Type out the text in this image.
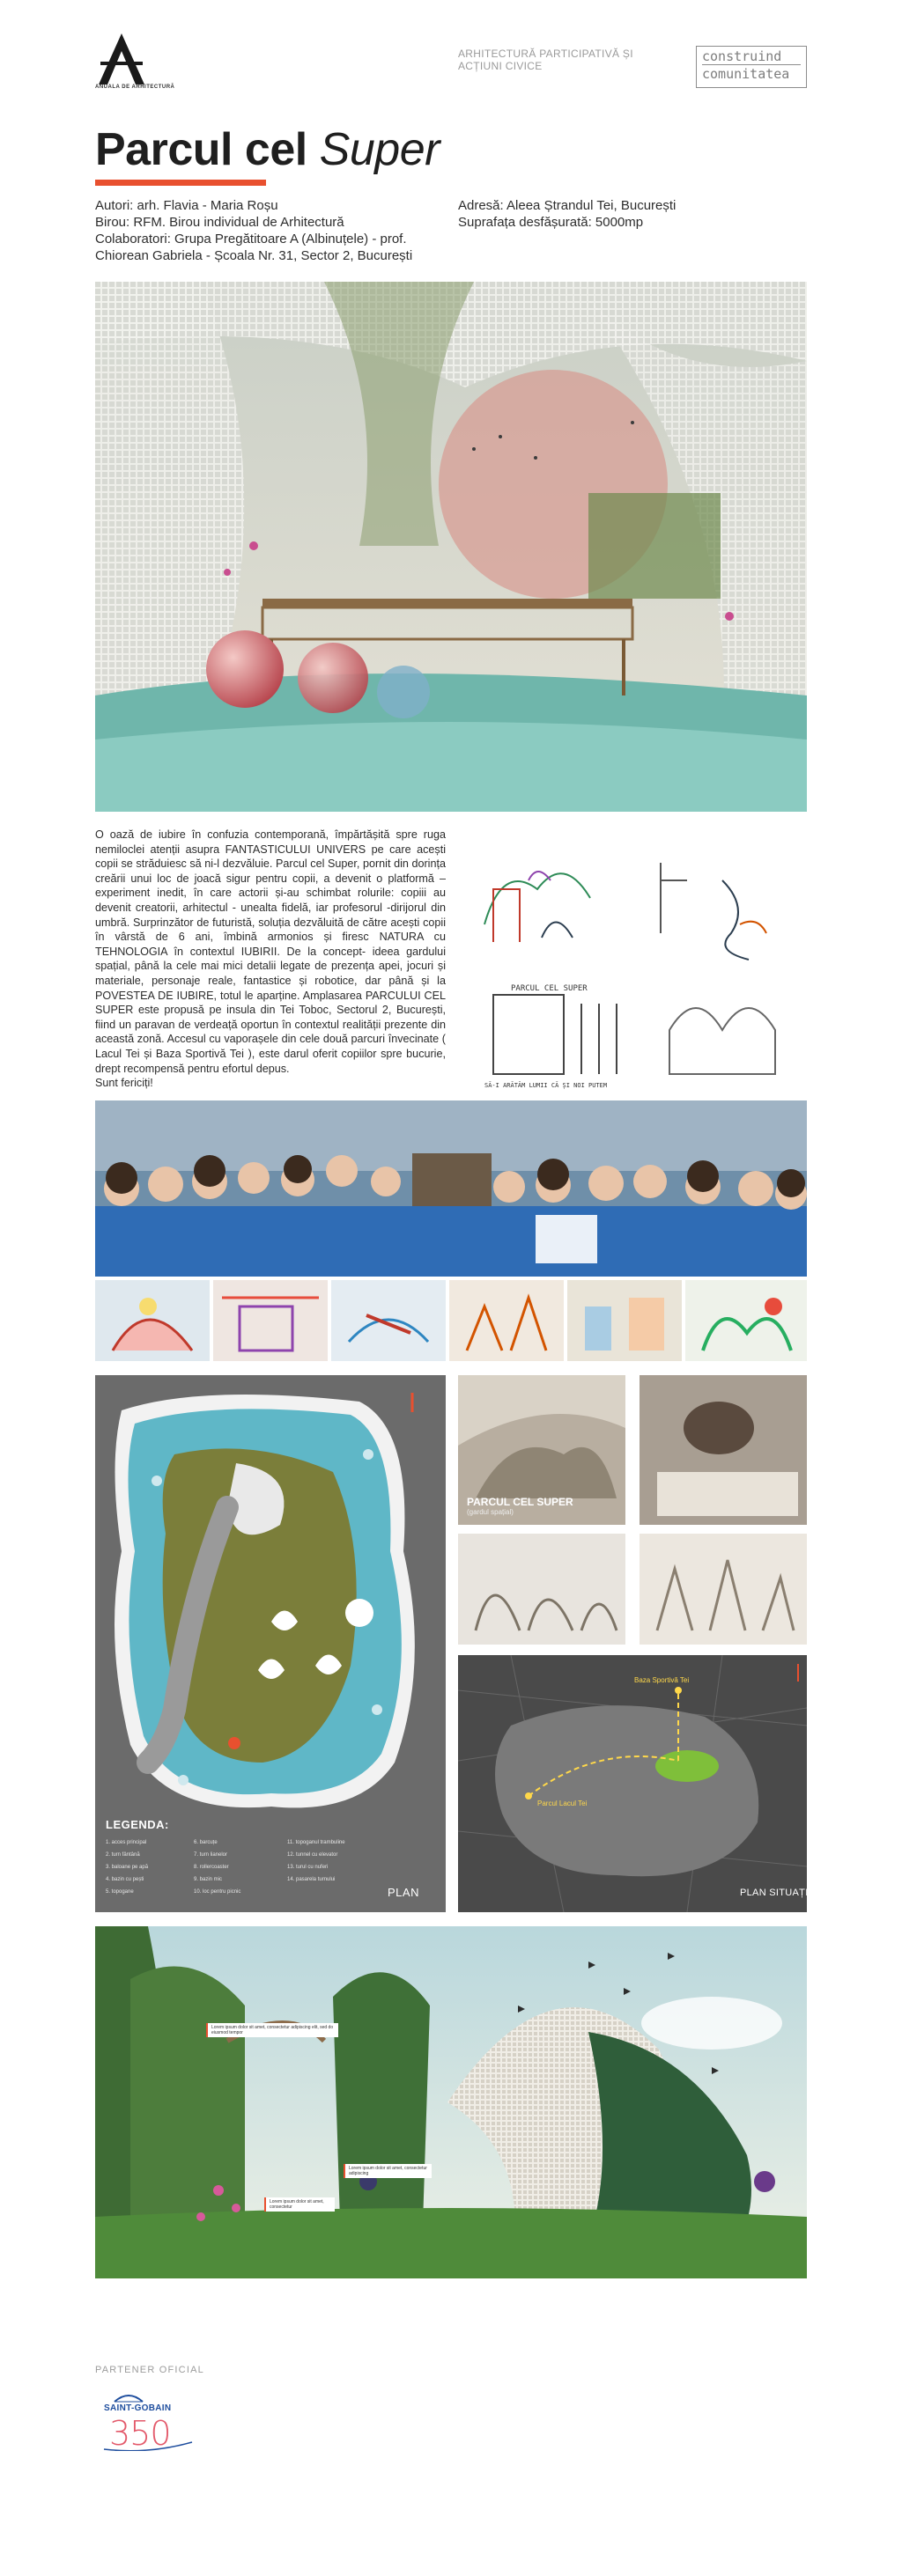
ANUALA DE ARHITECTURĂ
ARHITECTURĂ PARTICIPATIVĂ ȘI
ACȚIUNI CIVICE
construind
comunitatea
Parcul cel Super
Autori: arh. Flavia - Maria Roșu
Birou: RFM. Birou individual de Arhitectură
Colaboratori: Grupa Pregătitoare A (Albinuțele) - prof.
Chiorean Gabriela - Școala Nr. 31, Sector 2, București
Adresă: Aleea Ștrandul Tei, București
Suprafața desfășurată: 5000mp

O oază de iubire în confuzia contemporană, împărtășită spre ruga nemiloclei atenții asupra FANTASTICULUI UNIVERS pe care acești copii se străduiesc să ni-l dezvăluie. Parcul cel Super, pornit din dorința creării unui loc de joacă sigur pentru copii, a devenit o platformă – experiment inedit, în care actorii și-au schimbat rolurile: copiii au devenit creatorii, arhitectul - unealta fidelă, iar profesorul -dirijorul din umbră. Surprinzător de futuristă, soluția dezvăluită de către acești copii în vârstă de 6 ani, îmbină armonios și firesc NATURA cu TEHNOLOGIA în contextul IUBIRII. De la concept- ideea gardului spațial, până la cele mai mici detalii legate de prezența apei, jocuri și materiale, personaje reale, fantastice și robotice, dar până și la POVESTEA DE IUBIRE, totul le aparține. Amplasarea PARCULUI CEL SUPER este propusă pe insula din Tei Toboc, Sectorul 2, București, fiind un paravan de verdeață oportun în contextul realității prezente din această zonă. Accesul cu vaporașele din cele două parcuri învecinate ( Lacul Tei și Baza Sportivă Tei ), este darul oferit copiilor spre bucurie, drept recompensă pentru efortul depus.

Sunt fericiți!

PARCUL CEL SUPER
SĂ-I ARĂTĂM LUMII CĂ ȘI NOI PUTEM
LEGENDA:
1. acces principal
2. turn fântână
3. baloane pe apă
4. bazin cu pești
5. topogane
6. barcuțe
7. turn lianelor
8. rollercoaster
9. bazin mic
10. loc pentru picnic
11. topoganul trambuline
12. tunnel cu elevator
13. turul cu nuferi
14. pasarela turnului
PLAN
PARCUL CEL SUPER
(gardul spațial)
Baza Sportivă Tei
Parcul Lacul Tei
PLAN SITUAȚIE
Lorem ipsum dolor sit amet, consectetur adipiscing elit, sed do eiusmod tempor
Lorem ipsum dolor sit amet, consectetur adipiscing
Lorem ipsum dolor sit amet, consectetur
PARTENER OFICIAL
SAINT-GOBAIN
350
